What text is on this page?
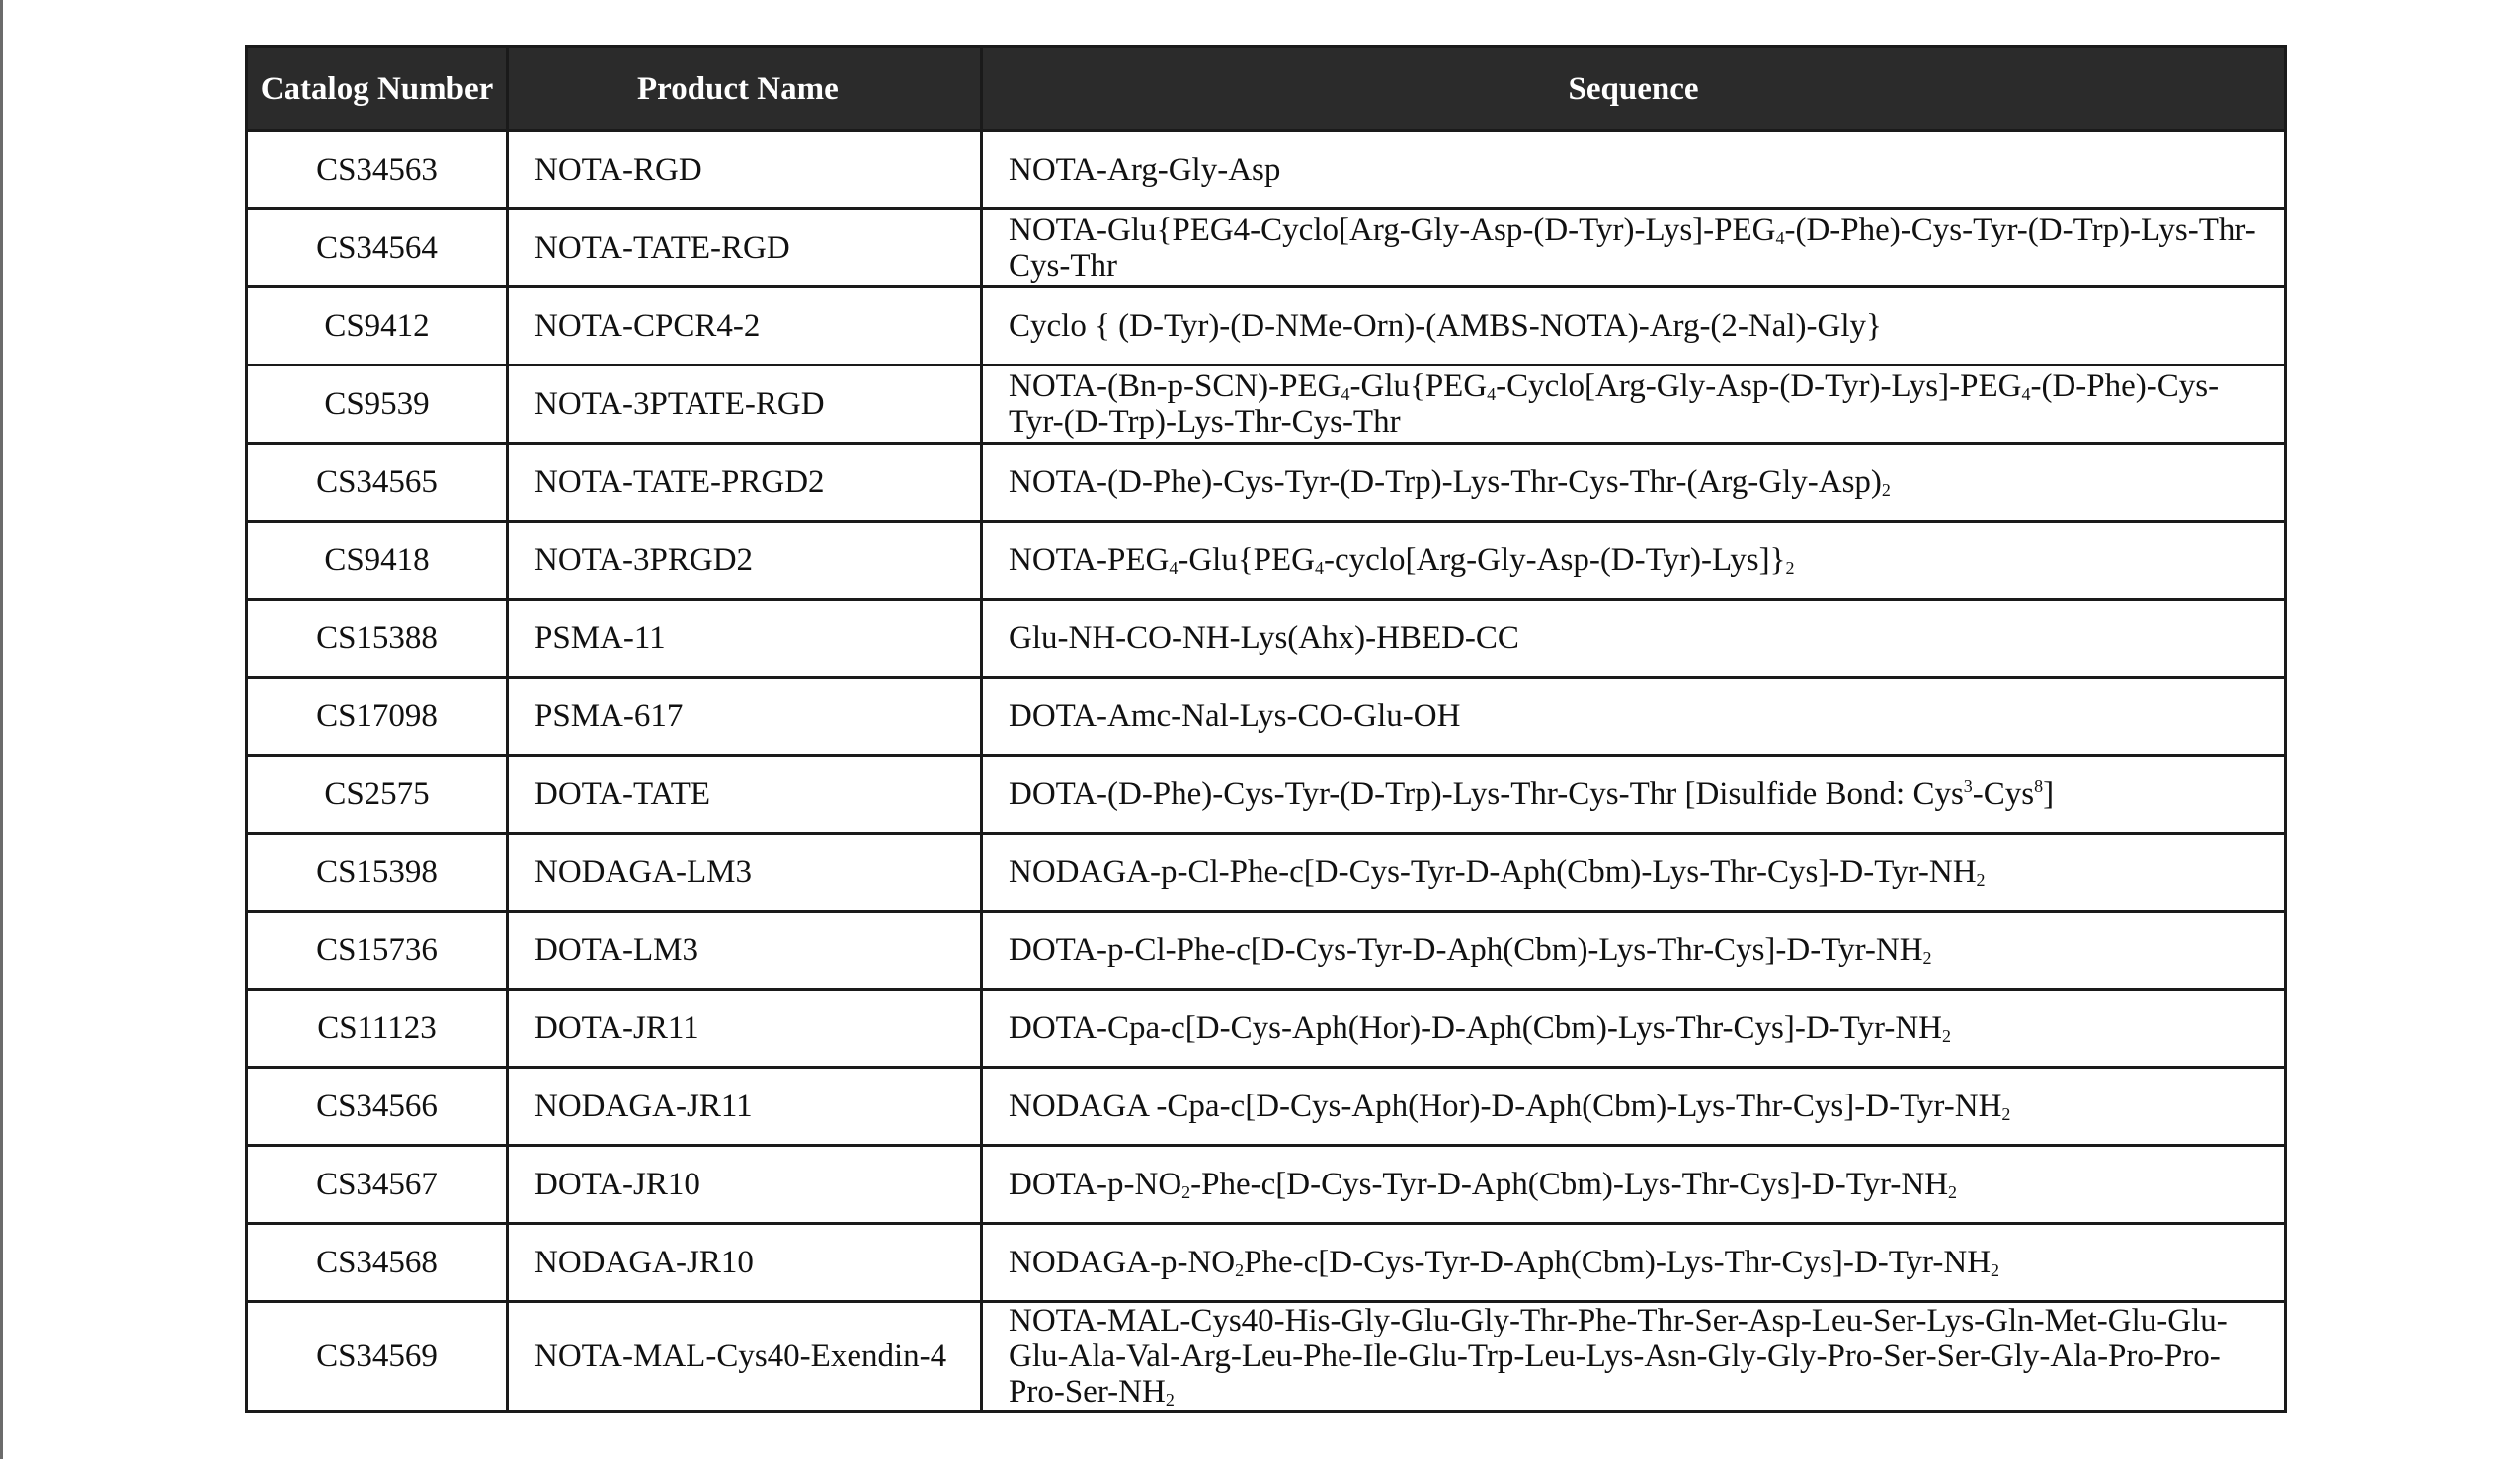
Catalog Number	Product Name	Sequence
CS34563	NOTA-RGD	NOTA-Arg-Gly-Asp
CS34564	NOTA-TATE-RGD	NOTA-$Glu\{PEG4-Cyclo[Arg-Gly-Asp-(D-Tyr)-Lys]-PEG_4-(D-Phe)-Cys-Tyr-(D-Trp)-Lys-Thr-Cys$-Thr
CS9412	NOTA-CPCR4-2	Cyclo { (D-Tyr)-(D-NMe-Orn)-(AMBS-NOTA)-Arg-(2-Nal)-Gly}
CS9539	NOTA-3PTATE-RGD	NOTA-$(Bn-p-SCN)-PEG_4-Glu\{PEG_4-Cyclo[Arg-Gly-Asp-(D-Tyr)-Lys]-PEG_4-(D-Phe)-Cys-Tyr-(D-Trp)-Lys-Thr-Cys$-Thr
CS34565	NOTA-TATE-PRGD2	NOTA-$(D-Phe)-Cys-Tyr-(D-Trp)-Lys-Thr-Cys-Thr-(Arg-Gly-Asp)_2$
CS9418	NOTA-3PRGD2	NOTA-$PEG_4-Glu\{PEG_4-cyclo[Arg-Gly-Asp-(D-Tyr)-Lys]\}_2$
CS15388	PSMA-11	Glu-NH-CO-NH-Lys(Ahx)-HBED-CC
CS17098	PSMA-617	DOTA-Amc-Nal-Lys-CO-Glu-OH
CS2575	DOTA-TATE	DOTA-(D-Phe)-Cys-Tyr-(D-Trp)-Lys-Thr-Cys-Thr [Disulfide Bond: Cys$^3$-Cys$^8$]
CS15398	NODAGA-LM3	NODAGA-$p-Cl-Phe-c[D-Cys-Tyr-D-Aph(Cbm)-Lys-Thr-Cys]-D-Tyr-NH_2$
CS15736	DOTA-LM3	DOTA-$p-Cl-Phe-c[D-Cys-Tyr-D-Aph(Cbm)-Lys-Thr-Cys]-D-Tyr-NH_2$
CS11123	DOTA-JR11	DOTA-$Cpa-c[D-Cys-Aph(Hor)-D-Aph(Cbm)-Lys-Thr-Cys]-D-Tyr-NH_2$
CS34566	NODAGA-JR11	NODAGA $-Cpa-c[D-Cys-Aph(Hor)-D-Aph(Cbm)-Lys-Thr-Cys]-D-Tyr-NH_2$
CS34567	DOTA-JR10	DOTA-$p-NO_2-Phe-c[D-Cys-Tyr-D-Aph(Cbm)-Lys-Thr-Cys]-D-Tyr-NH_2$
CS34568	NODAGA-JR10	NODAGA-$p-NO_2Phe-c[D-Cys-Tyr-D-Aph(Cbm)-Lys-Thr-Cys]-D-Tyr-NH_2$
CS34569	NOTA-MAL-Cys40-Exendin-4	NOTA-MAL-Cys40-His-Gly-Glu-Gly-Thr-Phe-Thr-Ser-Asp-Leu-Ser-Lys-Gln-Met-Glu-Glu-Glu-Ala-Val-Arg-Leu-Phe-Ile-Glu-Trp-Leu-L$ys-Asn-Gly-Gly-Pro-Ser-Ser-Gly-Ala-Pro-Pro-Pro-Ser-NH_2$
